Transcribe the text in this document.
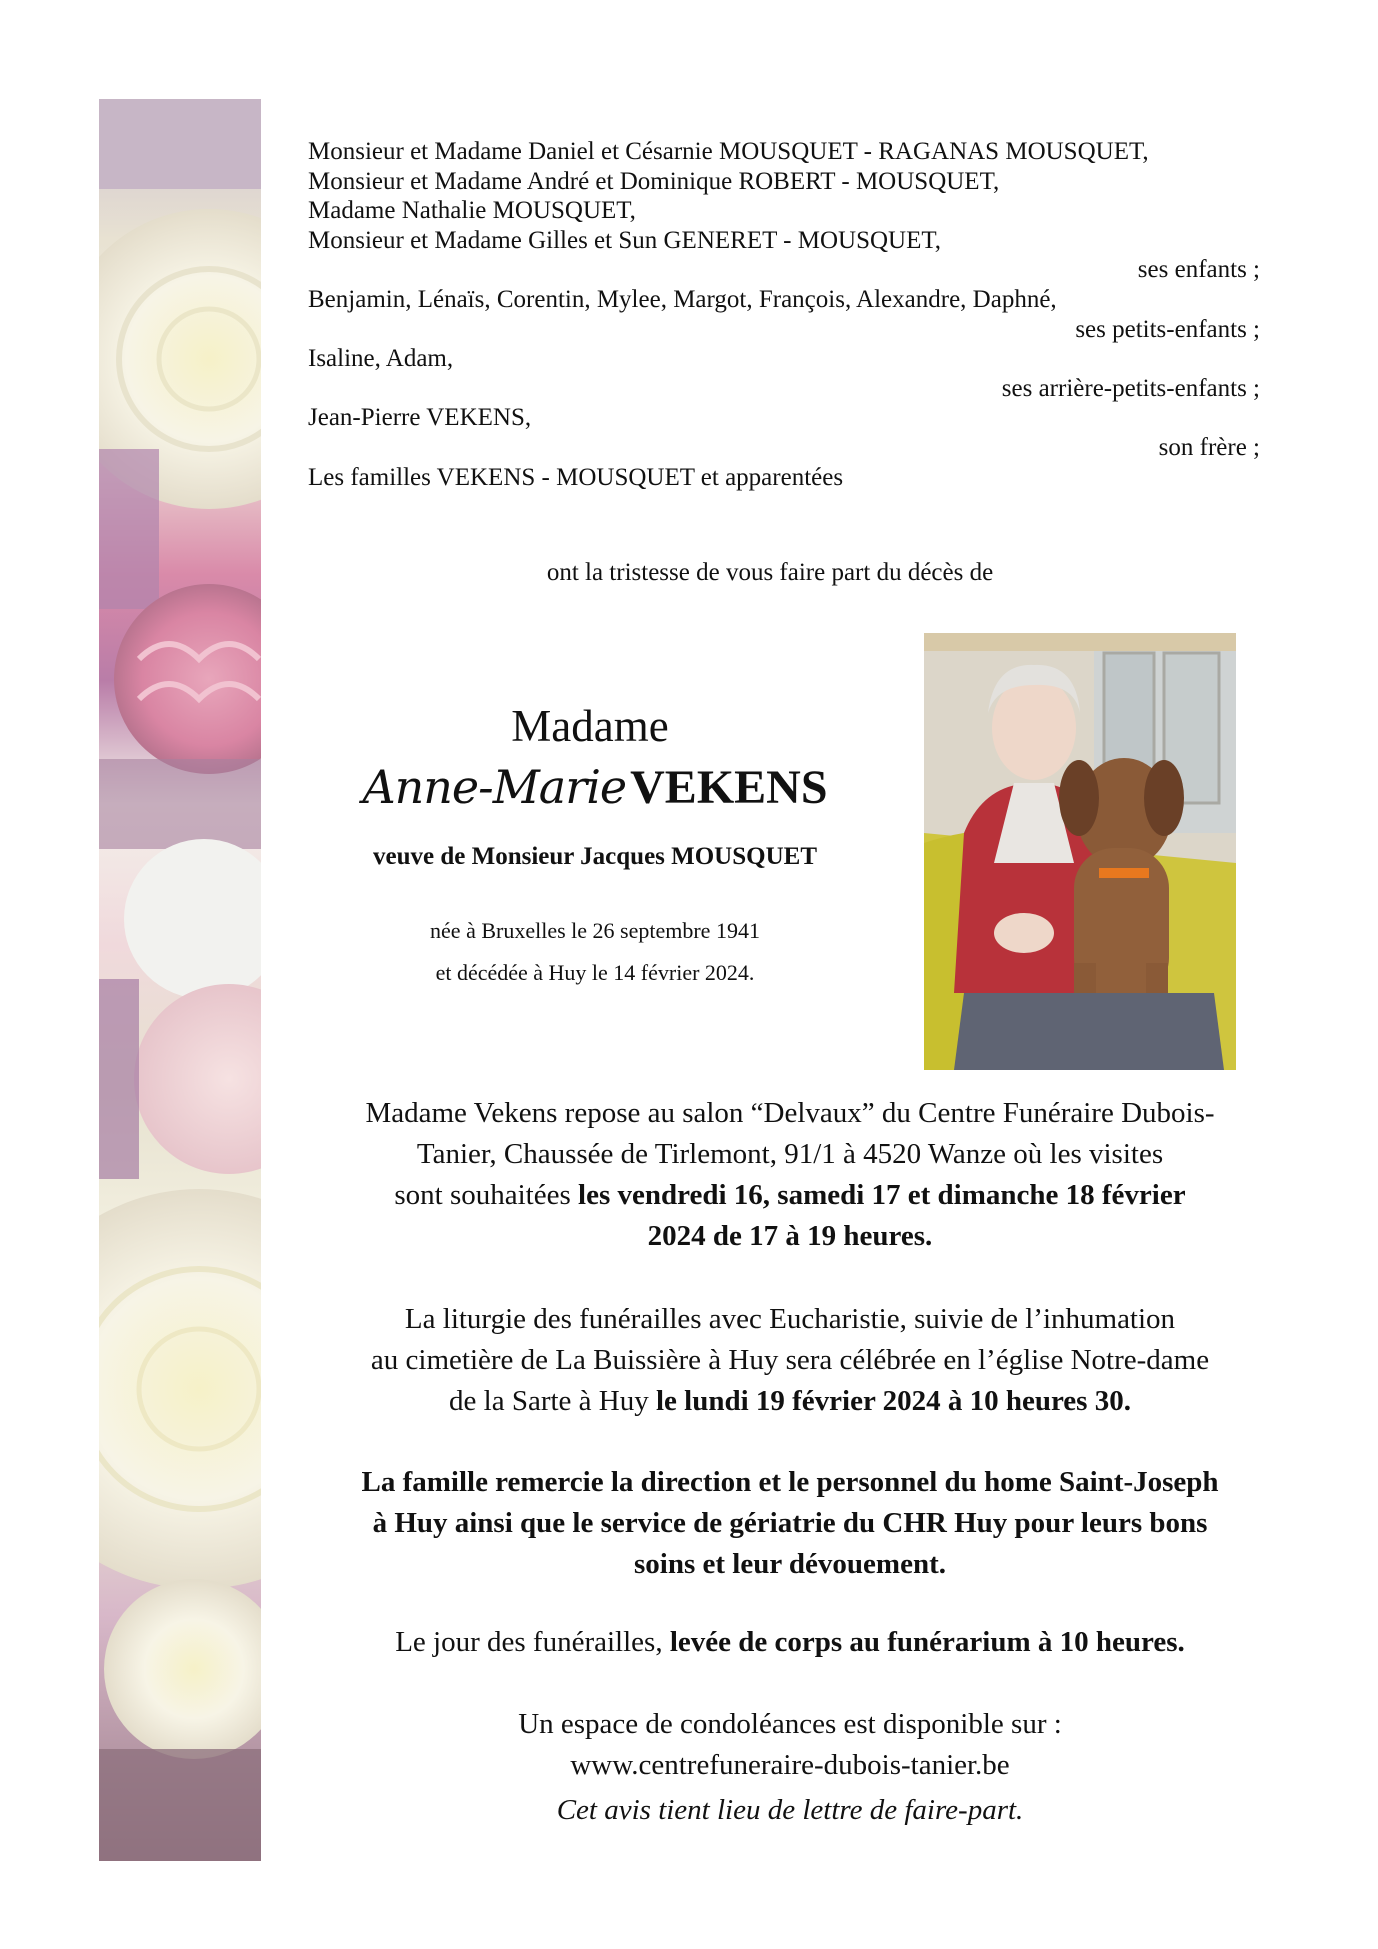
Monsieur et Madame Daniel et Césarnie MOUSQUET - RAGANAS MOUSQUET,
Monsieur et Madame André et Dominique ROBERT - MOUSQUET,
Madame Nathalie MOUSQUET,
Monsieur et Madame Gilles et Sun GENERET - MOUSQUET,
ses enfants ;
Benjamin, Lénaïs, Corentin, Mylee, Margot, François, Alexandre, Daphné,
ses petits-enfants ;
Isaline, Adam,
ses arrière-petits-enfants ;
Jean-Pierre VEKENS,
son frère ;
Les familles VEKENS - MOUSQUET et apparentées
ont la tristesse de vous faire part du décès de
Madame
Anne-Marie VEKENS
veuve de Monsieur Jacques MOUSQUET
née à Bruxelles le 26 septembre 1941
et décédée à Huy le 14 février 2024.
Madame Vekens repose au salon “Delvaux” du Centre Funéraire Dubois-
Tanier, Chaussée de Tirlemont, 91/1 à 4520 Wanze où les visites
sont souhaitées les vendredi 16, samedi 17 et dimanche 18 février
2024 de 17 à 19 heures.
La liturgie des funérailles avec Eucharistie, suivie de l’inhumation
au cimetière de La Buissière à Huy sera célébrée en l’église Notre-dame
de la Sarte à Huy le lundi 19 février 2024 à 10 heures 30.
La famille remercie la direction et le personnel du home Saint-Joseph
à Huy ainsi que le service de gériatrie du CHR Huy pour leurs bons
soins et leur dévouement.
Le jour des funérailles, levée de corps au funérarium à 10 heures.
Un espace de condoléances est disponible sur :
www.centrefuneraire-dubois-tanier.be
Cet avis tient lieu de lettre de faire-part.
